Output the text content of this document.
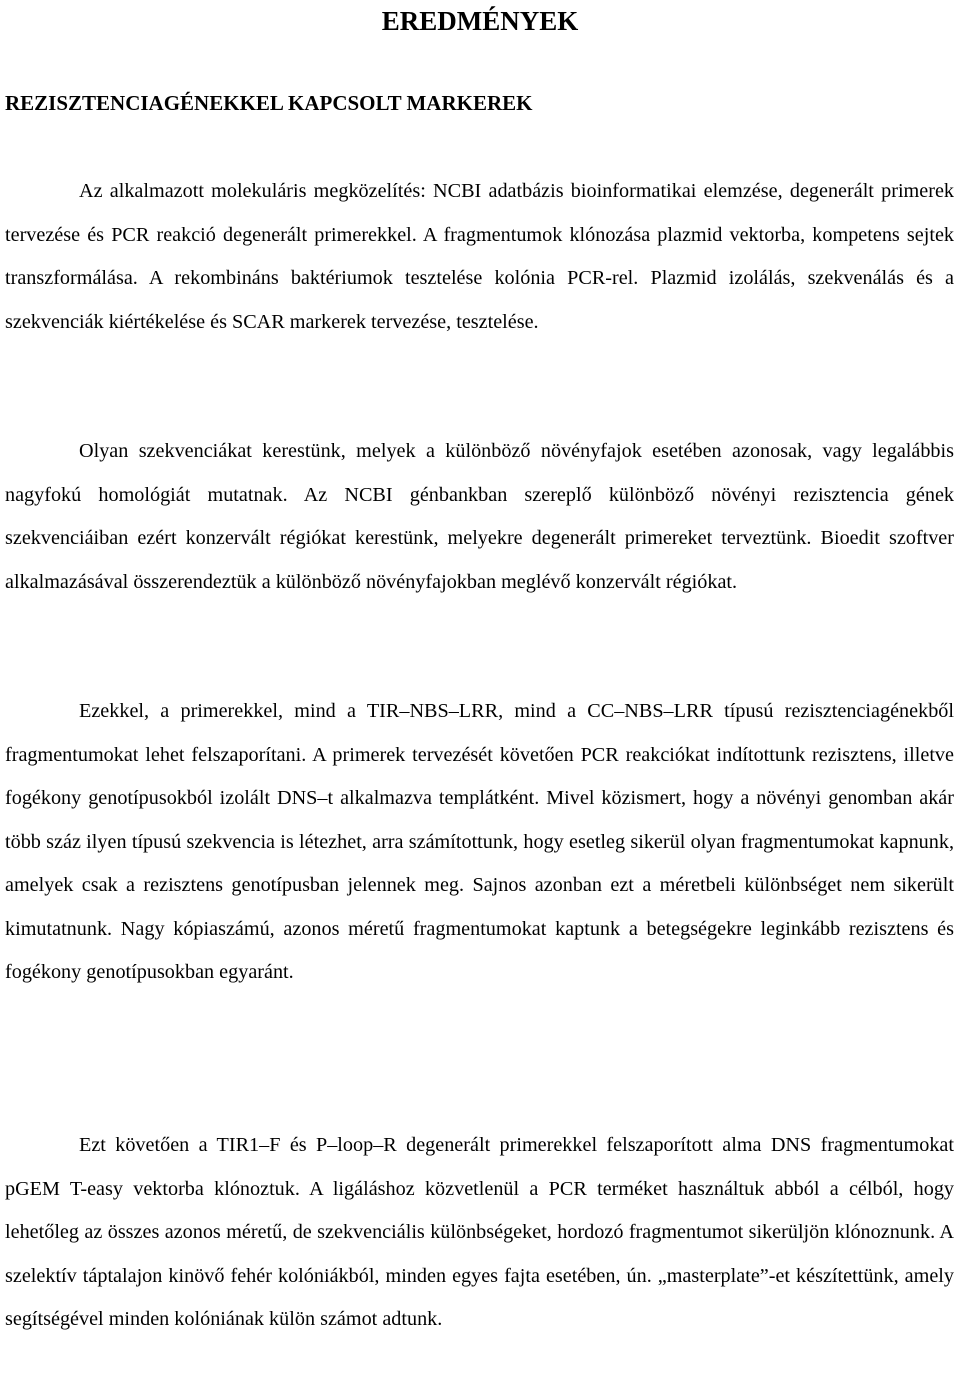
EREDMÉNYEK
REZISZTENCIAGÉNEKKEL KAPCSOLT MARKEREK

Az alkalmazott molekuláris megközelítés: NCBI adatbázis bioinformatikai elemzése, degenerált primerek tervezése és PCR reakció degenerált primerekkel. A fragmentumok klónozása plazmid vektorba, kompetens sejtek transzformálása. A rekombináns baktériumok tesztelése kolónia PCR-rel. Plazmid izolálás, szekvenálás és a szekvenciák kiértékelése és SCAR markerek tervezése, tesztelése.

Olyan szekvenciákat kerestünk, melyek a különböző növényfajok esetében azonosak, vagy legalábbis nagyfokú homológiát mutatnak. Az NCBI génbankban szereplő különböző növényi rezisztencia gének szekvenciáiban ezért konzervált régiókat kerestünk, melyekre degenerált primereket terveztünk. Bioedit szoftver alkalmazásával összerendeztük a különböző növényfajokban meglévő konzervált régiókat.

Ezekkel, a primerekkel, mind a TIR–NBS–LRR, mind a CC–NBS–LRR típusú rezisztenciagénekből fragmentumokat lehet felszaporítani. A primerek tervezését követően PCR reakciókat indítottunk rezisztens, illetve fogékony genotípusokból izolált DNS–t alkalmazva templátként. Mivel közismert, hogy a növényi genomban akár több száz ilyen típusú szekvencia is létezhet, arra számítottunk, hogy esetleg sikerül olyan fragmentumokat kapnunk, amelyek csak a rezisztens genotípusban jelennek meg. Sajnos azonban ezt a méretbeli különbséget nem sikerült kimutatnunk. Nagy kópiaszámú, azonos méretű fragmentumokat kaptunk a betegségekre leginkább rezisztens és fogékony genotípusokban egyaránt.

Ezt követően a TIR1–F és P–loop–R degenerált primerekkel felszaporított alma DNS fragmentumokat pGEM T-easy vektorba klónoztuk. A ligáláshoz közvetlenül a PCR terméket használtuk abból a célból, hogy lehetőleg az összes azonos méretű, de szekvenciális különbségeket, hordozó fragmentumot sikerüljön klónoznunk. A szelektív táptalajon kinövő fehér kolóniákból, minden egyes fajta esetében, ún. „masterplate”-et készítettünk, amely segítségével minden kolóniának külön számot adtunk.
